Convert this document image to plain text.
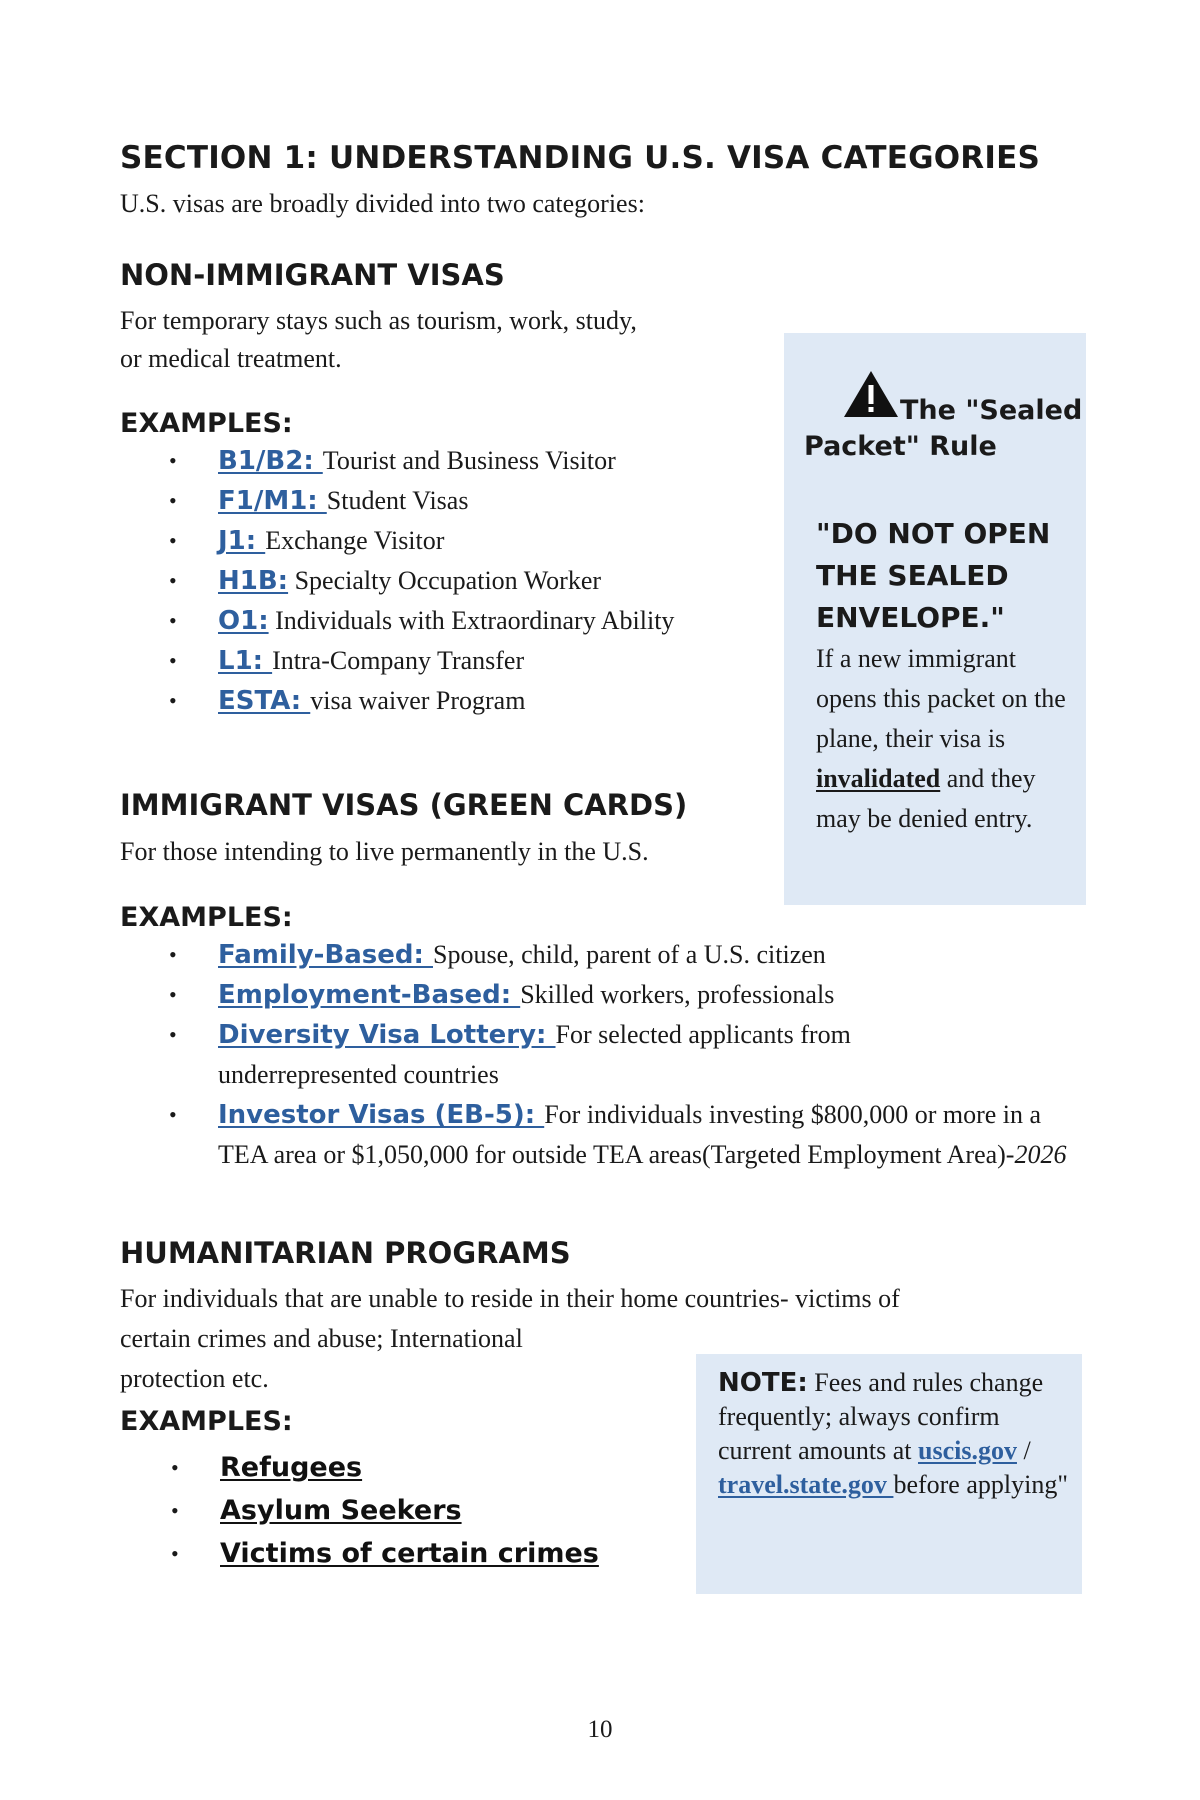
SECTION 1: UNDERSTANDING U.S. VISA CATEGORIES
U.S. visas are broadly divided into two categories:
NON-IMMIGRANT VISAS
For temporary stays such as tourism, work, study,
or medical treatment.
EXAMPLES:
• B1/B2: Tourist and Business Visitor
• F1/M1: Student Visas
• J1: Exchange Visitor
• H1B: Specialty Occupation Worker
• O1: Individuals with Extraordinary Ability
• L1: Intra-Company Transfer
• ESTA: visa waiver Program
The "Sealed
Packet" Rule
"DO NOT OPEN THE SEALED ENVELOPE."
If a new immigrant opens this packet on the plane, their visa is invalidated and they may be denied entry.
IMMIGRANT VISAS (GREEN CARDS)
For those intending to live permanently in the U.S.
EXAMPLES:
• Family-Based: Spouse, child, parent of a U.S. citizen
• Employment-Based: Skilled workers, professionals
• Diversity Visa Lottery: For selected applicants from underrepresented countries
• Investor Visas (EB-5): For individuals investing $800,000 or more in a TEA area or $1,050,000 for outside TEA areas(Targeted Employment Area)-2026
HUMANITARIAN PROGRAMS
For individuals that are unable to reside in their home countries- victims of
certain crimes and abuse; International
protection etc.
EXAMPLES:
• Refugees
• Asylum Seekers
• Victims of certain crimes
NOTE: Fees and rules change frequently; always confirm current amounts at uscis.gov / travel.state.gov before applying"
10
